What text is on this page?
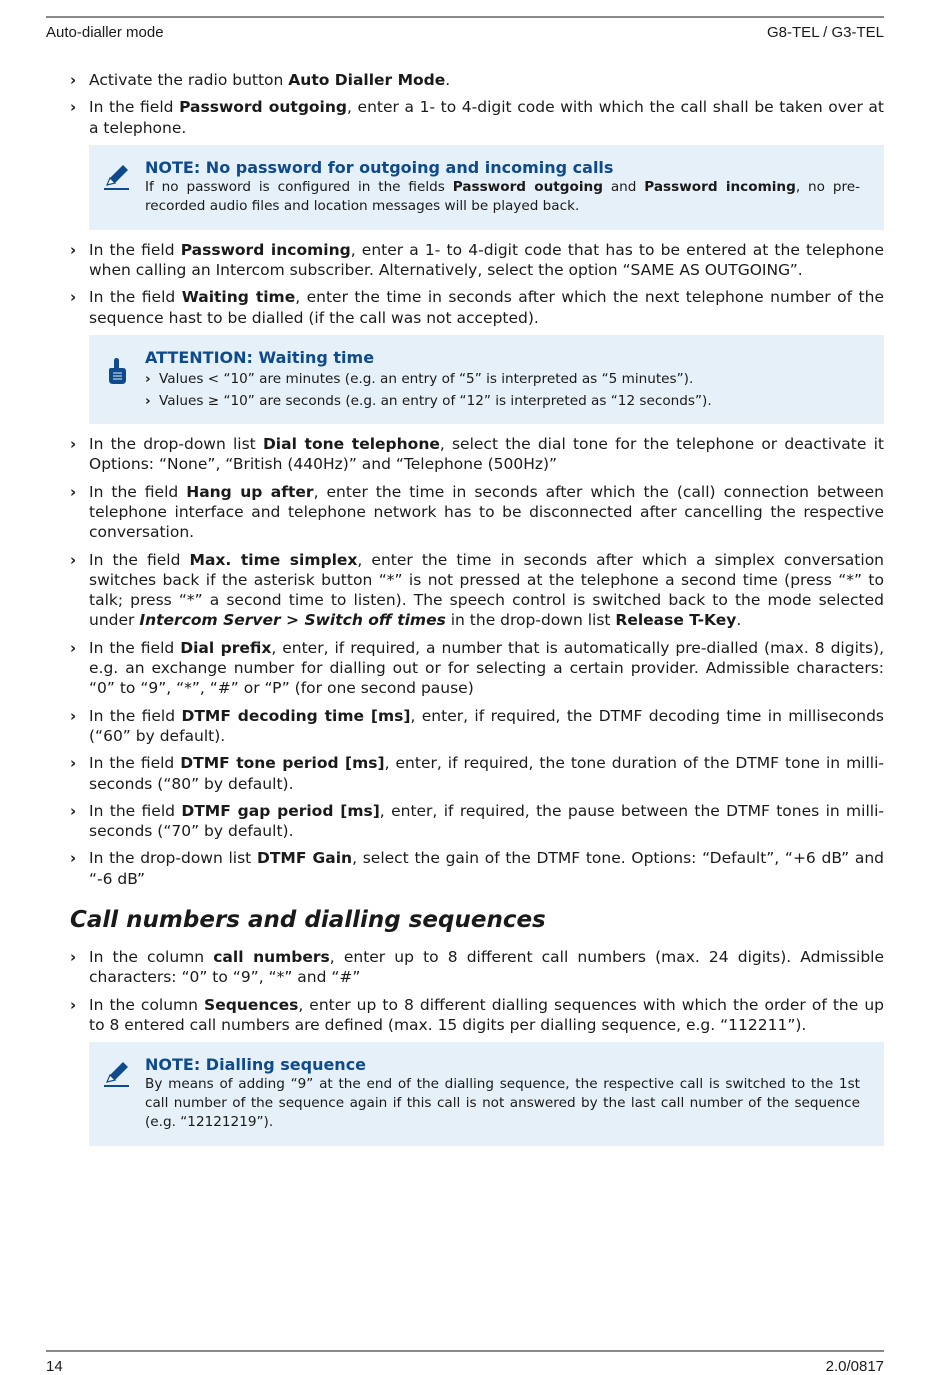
Auto-dialler mode	G8-TEL / G3-TEL
› Activate the radio button Auto Dialler Mode.
› In the field Password outgoing, enter a 1- to 4-digit code with which the call shall be taken over at a telephone.
NOTE: No password for outgoing and incoming calls
If no password is configured in the fields Password outgoing and Password incoming, no pre-recorded audio files and location messages will be played back.
› In the field Password incoming, enter a 1- to 4-digit code that has to be entered at the telephone when calling an Intercom subscriber. Alternatively, select the option “SAME AS OUTGOING”.
› In the field Waiting time, enter the time in seconds after which the next telephone number of the sequence hast to be dialled (if the call was not accepted).
ATTENTION: Waiting time
› Values < “10” are minutes (e.g. an entry of “5” is interpreted as “5 minutes”).
› Values ≥ “10” are seconds (e.g. an entry of “12” is interpreted as “12 seconds”).
› In the drop-down list Dial tone telephone, select the dial tone for the telephone or deactivate it Options: “None”, “British (440Hz)” and “Telephone (500Hz)”
› In the field Hang up after, enter the time in seconds after which the (call) connection between telephone interface and telephone network has to be disconnected after cancelling the respective conversation.
› In the field Max. time simplex, enter the time in seconds after which a simplex conversation switches back if the asterisk button “*” is not pressed at the telephone a second time (press “*” to talk; press “*” a second time to listen). The speech control is switched back to the mode selected under Intercom Server > Switch off times in the drop-down list Release T-Key.
› In the field Dial prefix, enter, if required, a number that is automatically pre-dialled (max. 8 digits), e.g. an exchange number for dialling out or for selecting a certain provider. Admissible characters: “0” to “9”, “*”, “#” or “P” (for one second pause)
› In the field DTMF decoding time [ms], enter, if required, the DTMF decoding time in milliseconds (“60” by default).
› In the field DTMF tone period [ms], enter, if required, the tone duration of the DTMF tone in milli-seconds (“80” by default).
› In the field DTMF gap period [ms], enter, if required, the pause between the DTMF tones in milli-seconds (“70” by default).
› In the drop-down list DTMF Gain, select the gain of the DTMF tone. Options: “Default”, “+6 dB” and “-6 dB”
Call numbers and dialling sequences
› In the column call numbers, enter up to 8 different call numbers (max. 24 digits). Admissible characters: “0” to “9”, “*” and “#”
› In the column Sequences, enter up to 8 different dialling sequences with which the order of the up to 8 entered call numbers are defined (max. 15 digits per dialling sequence, e.g. “112211”).
NOTE: Dialling sequence
By means of adding “9” at the end of the dialling sequence, the respective call is switched to the 1st call number of the sequence again if this call is not answered by the last call number of the sequence (e.g. “12121219”).
14	2.0/0817
